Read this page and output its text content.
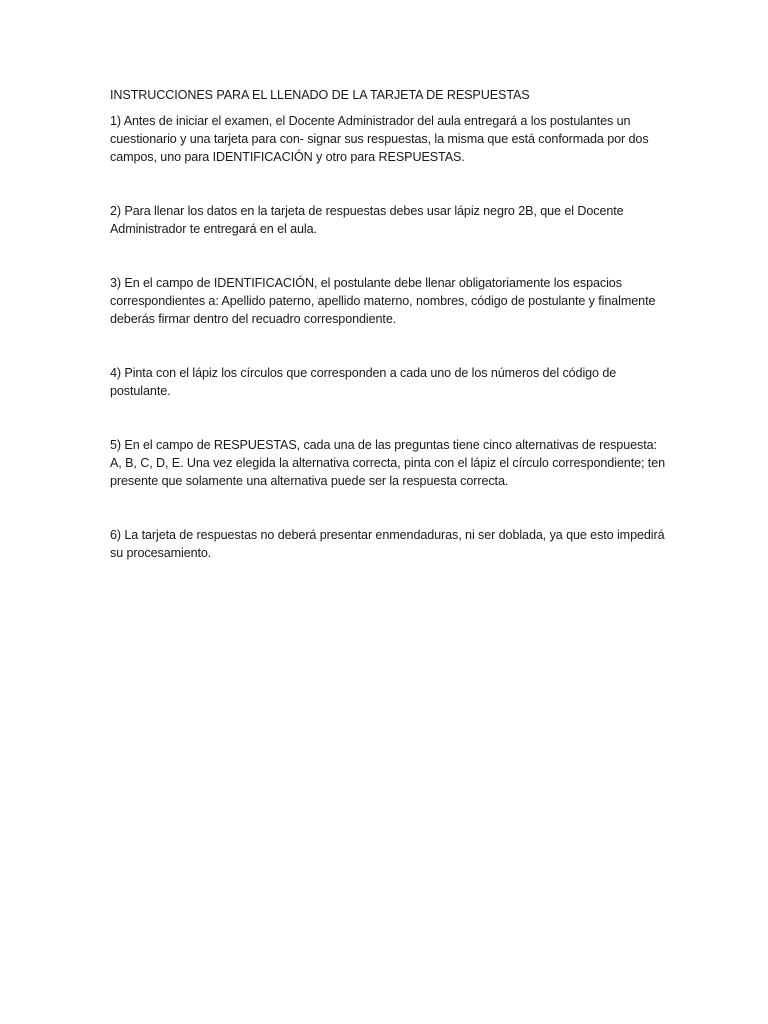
INSTRUCCIONES PARA EL LLENADO DE LA TARJETA DE RESPUESTAS

1) Antes de iniciar el examen, el Docente Administrador del aula entregará a los postulantes un cuestionario y una tarjeta para con- signar sus respuestas, la misma que está conformada por dos campos, uno para IDENTIFICACIÓN y otro para RESPUESTAS.

2) Para llenar los datos en la tarjeta de respuestas debes usar lápiz negro 2B, que el Docente Administrador te entregará en el aula.

3) En el campo de IDENTIFICACIÓN, el postulante debe llenar obligatoriamente los espacios correspondientes a: Apellido paterno, apellido materno, nombres, código de postulante y finalmente deberás firmar dentro del recuadro correspondiente.

4) Pinta con el lápiz los círculos que corresponden a cada uno de los números del código de postulante.

5) En el campo de RESPUESTAS, cada una de las preguntas tiene cinco alternativas de respuesta: A, B, C, D, E. Una vez elegida la alternativa correcta, pinta con el lápiz el círculo correspondiente; ten presente que solamente una alternativa puede ser la respuesta correcta.

6) La tarjeta de respuestas no deberá presentar enmendaduras, ni ser doblada, ya que esto impedirá su procesamiento.
